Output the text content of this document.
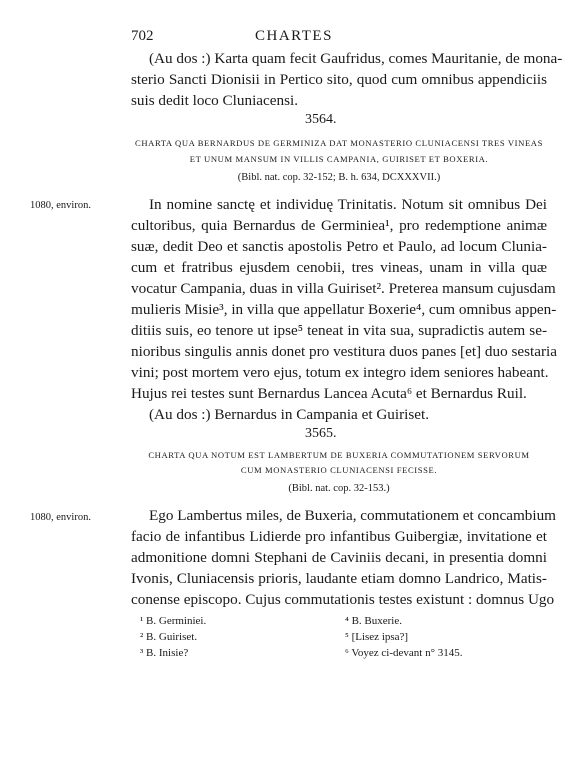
702	CHARTES
(Au dos :) Karta quam fecit Gaufridus, comes Mauritanie, de mona-
sterio Sancti Dionisii in Pertico sito, quod cum omnibus appendiciis
suis dedit loco Cluniacensi.
3564.
CHARTA QUA BERNARDUS DE GERMINIZA DAT MONASTERIO CLUNIACENSI TRES VINEAS
ET UNUM MANSUM IN VILLIS CAMPANIA, GUIRISET ET BOXERIA.
(Bibl. nat. cop. 32-152; B. h. 634, DCXXXVII.)
1080, environ.	In nomine sanctę et individuę Trinitatis. Notum sit omnibus Dei
cultoribus, quia Bernardus de Germiniea¹, pro redemptione animæ
suæ, dedit Deo et sanctis apostolis Petro et Paulo, ad locum Clunia-
cum et fratribus ejusdem cenobii, tres vineas, unam in villa quæ
vocatur Campania, duas in villa Guiriset². Preterea mansum cujusdam
mulieris Misie³, in villa que appellatur Boxerie⁴, cum omnibus appen-
ditiis suis, eo tenore ut ipse⁵ teneat in vita sua, supradictis autem se-
nioribus singulis annis donet pro vestitura duos panes [et] duo sestaria
vini; post mortem vero ejus, totum ex integro idem seniores habeant.
Hujus rei testes sunt Bernardus Lancea Acuta⁶ et Bernardus Ruil.
(Au dos :) Bernardus in Campania et Guiriset.
3565.
CHARTA QUA NOTUM EST LAMBERTUM DE BUXERIA COMMUTATIONEM SERVORUM
CUM MONASTERIO CLUNIACENSI FECISSE.
(Bibl. nat. cop. 32-153.)
1080, environ.	Ego Lambertus miles, de Buxeria, commutationem et concambium
facio de infantibus Lidierde pro infantibus Guibergiæ, invitatione et
admonitione domni Stephani de Caviniis decani, in presentia domni
Ivonis, Cluniacensis prioris, laudante etiam domno Landrico, Matis-
conense episcopo. Cujus commutationis testes existunt : domnus Ugo
¹ B. Germiniei.
² B. Guiriset.
³ B. Inisie?
⁴ B. Buxerie.
⁵ [Lisez ipsa?]
⁶ Voyez ci-devant n° 3145.
